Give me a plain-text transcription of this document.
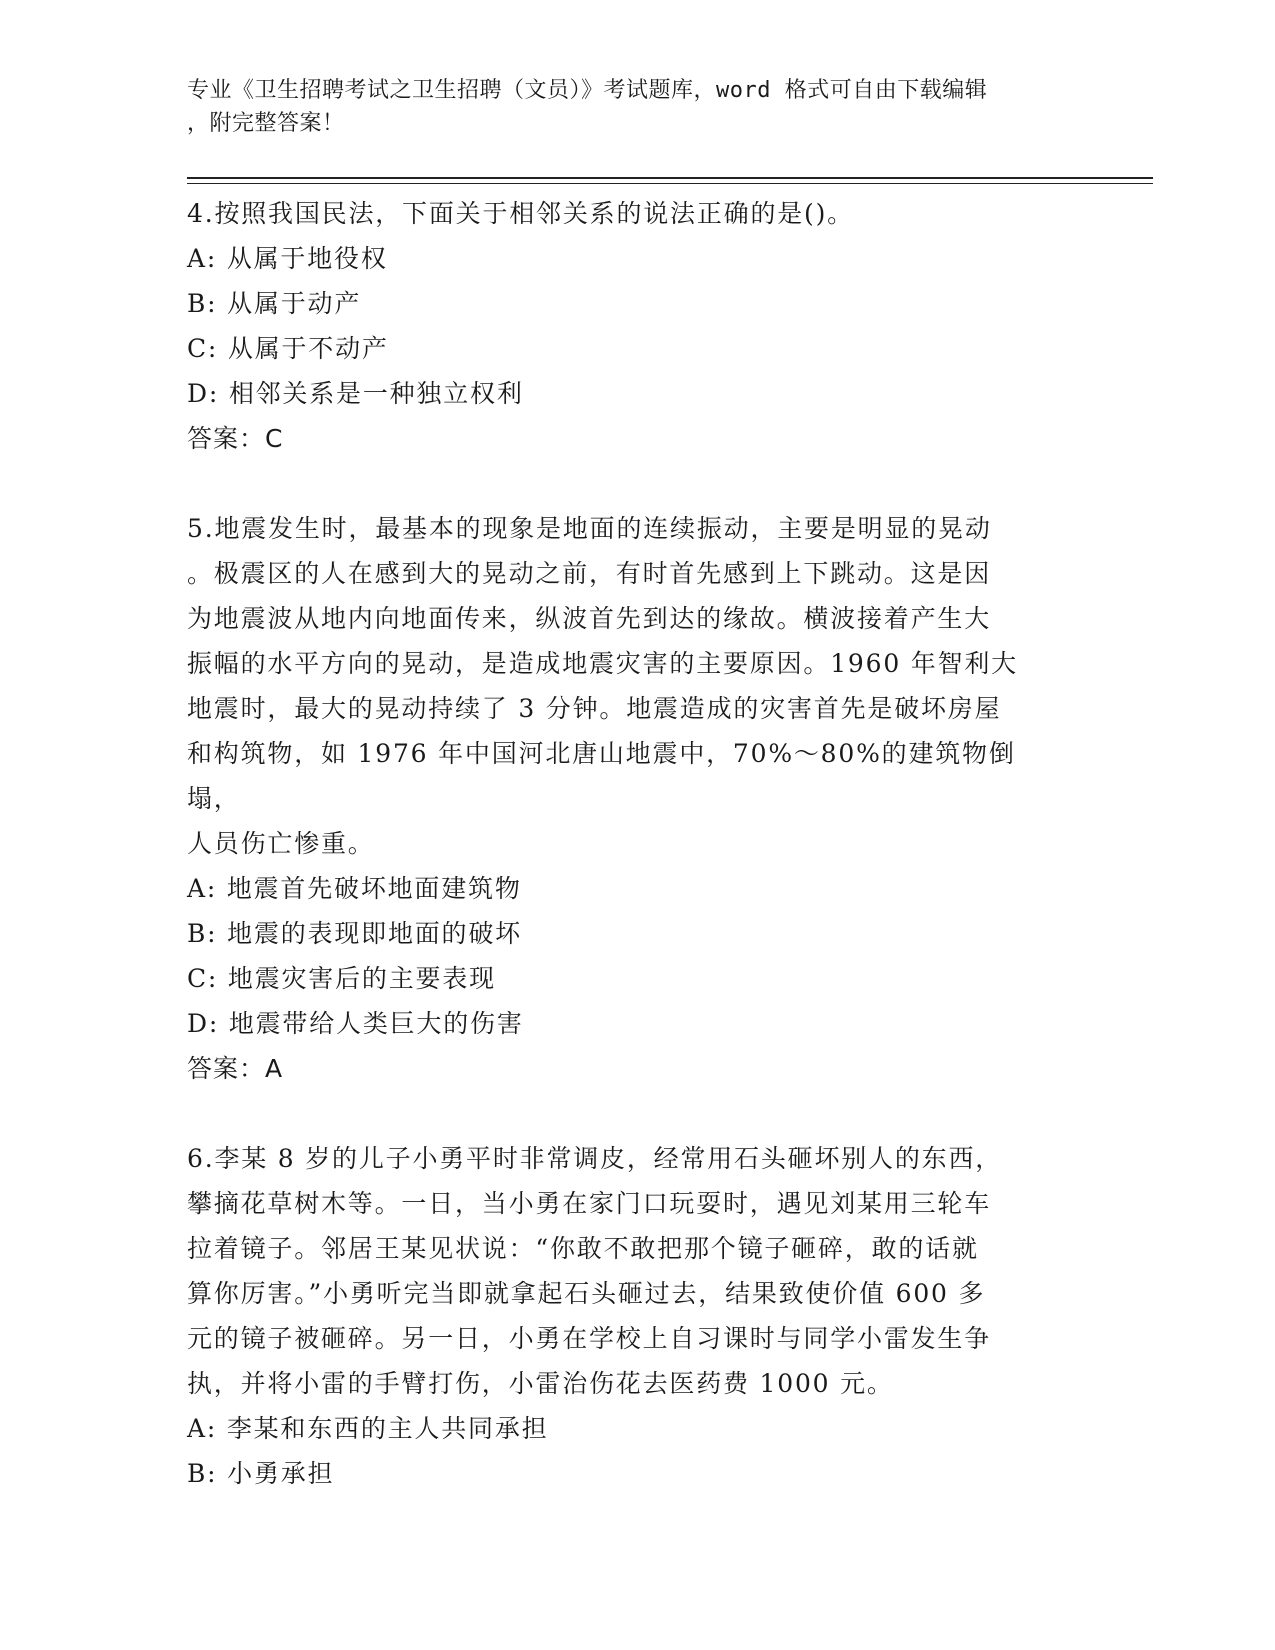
专业《卫生招聘考试之卫生招聘（文员）》考试题库，word 格式可自由下载编辑

，附完整答案！

4.按照我国民法，下面关于相邻关系的说法正确的是()。

A: 从属于地役权

B: 从属于动产

C: 从属于不动产

D: 相邻关系是一种独立权利

答案：C

5.地震发生时，最基本的现象是地面的连续振动，主要是明显的晃动

。极震区的人在感到大的晃动之前，有时首先感到上下跳动。这是因

为地震波从地内向地面传来，纵波首先到达的缘故。横波接着产生大

振幅的水平方向的晃动，是造成地震灾害的主要原因。1960 年智利大

地震时，最大的晃动持续了 3 分钟。地震造成的灾害首先是破坏房屋

和构筑物，如 1976 年中国河北唐山地震中，70%～80%的建筑物倒塌，

人员伤亡惨重。

A: 地震首先破坏地面建筑物

B: 地震的表现即地面的破坏

C: 地震灾害后的主要表现

D: 地震带给人类巨大的伤害

答案：A

6.李某 8 岁的儿子小勇平时非常调皮，经常用石头砸坏别人的东西，

攀摘花草树木等。一日，当小勇在家门口玩耍时，遇见刘某用三轮车

拉着镜子。邻居王某见状说：“你敢不敢把那个镜子砸碎，敢的话就

算你厉害。”小勇听完当即就拿起石头砸过去，结果致使价值 600 多

元的镜子被砸碎。另一日，小勇在学校上自习课时与同学小雷发生争

执，并将小雷的手臂打伤，小雷治伤花去医药费 1000 元。

A: 李某和东西的主人共同承担

B: 小勇承担
